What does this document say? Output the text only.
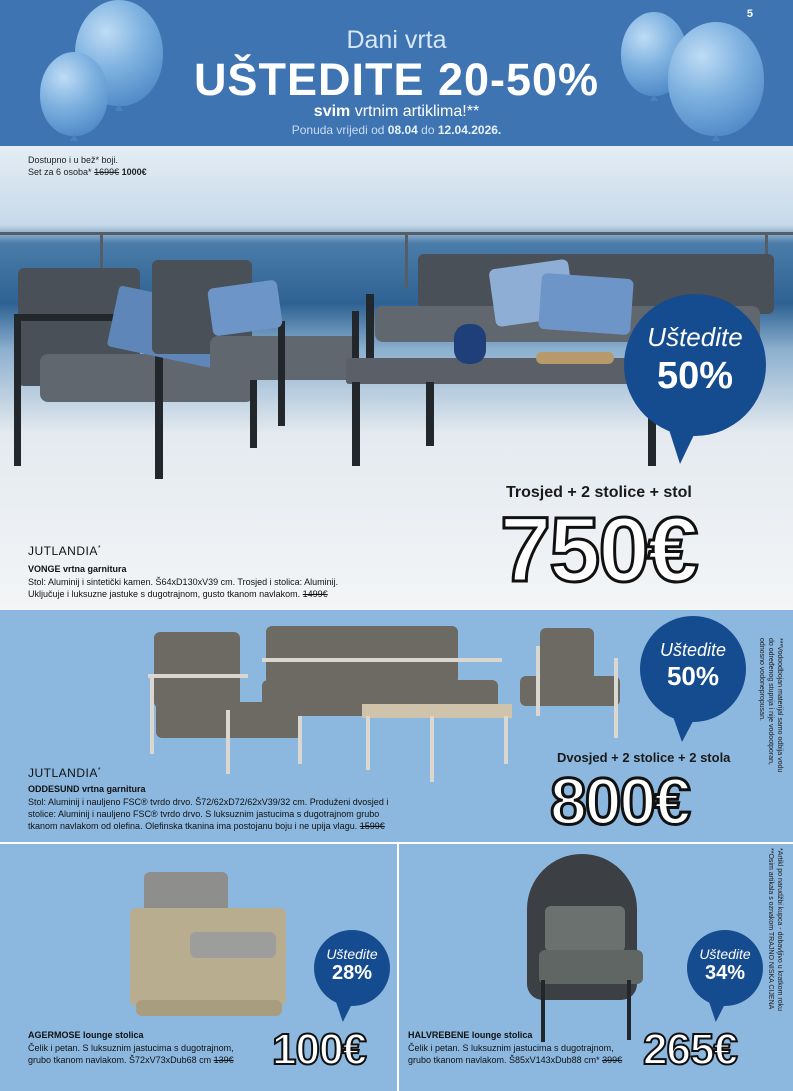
Dani vrta
UŠTEDITE 20-50%
svim vrtnim artiklima!**
Ponuda vrijedi od 08.04 do 12.04.2026.
5
Dostupno i u bež* boji.
Set za 6 osoba* 1699€ 1000€
Uštedite
50%
Trosjed + 2 stolice + stol
750€
JUTLANDIA*
VONGE vrtna garnitura
Stol: Aluminij i sintetički kamen. Š64xD130xV39 cm. Trosjed i stolica: Aluminij.
Uključuje i luksuzne jastuke s dugotrajnom, gusto tkanom navlakom. 1499€
Uštedite
50%
Dvosjed + 2 stolice + 2 stola
800€
JUTLANDIA*
ODDESUND vrtna garnitura
Stol: Aluminij i nauljeno FSC® tvrdo drvo. Š72/62xD72/62xV39/32 cm. Produženi dvosjed i
stolice: Aluminij i nauljeno FSC® tvrdo drvo. S luksuznim jastucima s dugotrajnom grubo
tkanom navlakom od olefina. Olefinska tkanina ima postojanu boju i ne upija vlagu. 1599€
Uštedite
28%
100€
AGERMOSE lounge stolica
Čelik i petan. S luksuznim jastucima s dugotrajnom,
grubo tkanom navlakom. Š72xV73xDub68 cm 139€
Uštedite
34%
265€
HALVREBENE lounge stolica
Čelik i petan. S luksuznim jastucima s dugotrajnom,
grubo tkanom navlakom. Š85xV143xDub88 cm* 399€
***Vodoodbojan materijal samo odbija vodu
do određenog stupnja i nije vodootporan,
odnosno vodonepropusan.
*Artikl po narudžbi kupca - dobavljivo u kratkom roku
**Osim artikala s oznakom TRAJNO NISKA CIJENA
